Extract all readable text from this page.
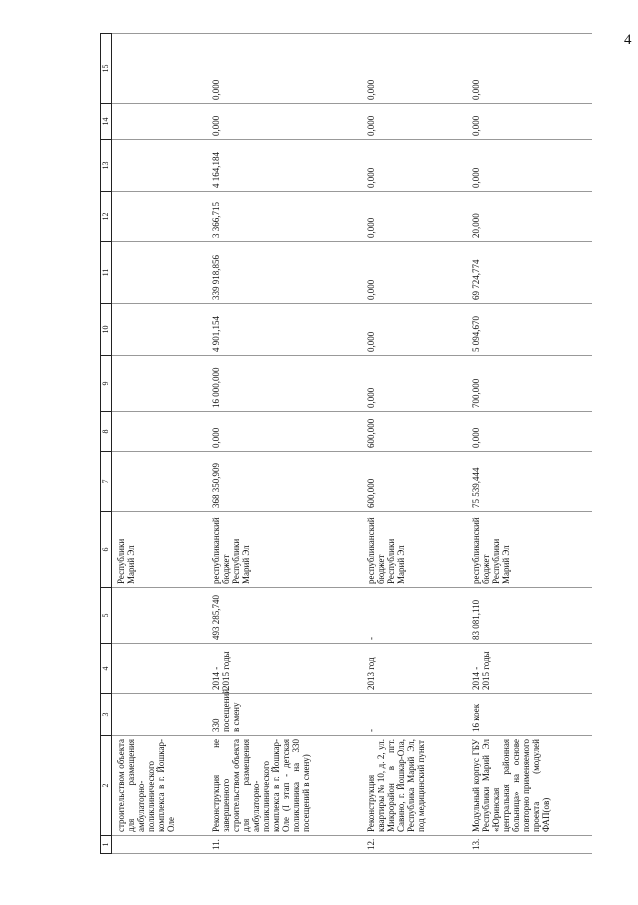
4
1	2	3	4	5	6	7	8	9	10	11	12	13	14	15
	строительством объекта для размещения амбулаторно-поликлинического комплекса в г. Йошкар-Оле				Республики Марий Эл									
11.	Реконструкция не завершенного строительством объекта для размещения амбулаторно-поликлинического комплекса в г. Йошкар-Оле (I этап - детская поликлиника на 330 посещений в смену)	330 посещений в смену	2014 - 2015 годы	493 285,740	республиканский бюджет Республики Марий Эл	368 350,909	0,000	16 000,000	4 901,154	339 918,856	3 366,715	4 164,184	0,000	0,000
12.	Реконструкция квартиры № 10, д. 2, ул. Микрорайон в пгт. Савино, г. Йошкар-Ола, Республика Марий Эл, под медицинский пункт	-	2013 год	-	республиканский бюджет Республики Марий Эл	600,000	600,000	0,000	0,000	0,000	0,000	0,000	0,000	0,000
13.	Модульный корпус ГБУ Республики Марий Эл «Юринская центральная районная больница» на основе повторно применяемого проекта (модулей ФАП(ов)	16 коек	2014 - 2015 годы	83 081,110	республиканский бюджет Республики Марий Эл	75 539,444	0,000	700,000	5 094,670	69 724,774	20,000	0,000	0,000	0,000
